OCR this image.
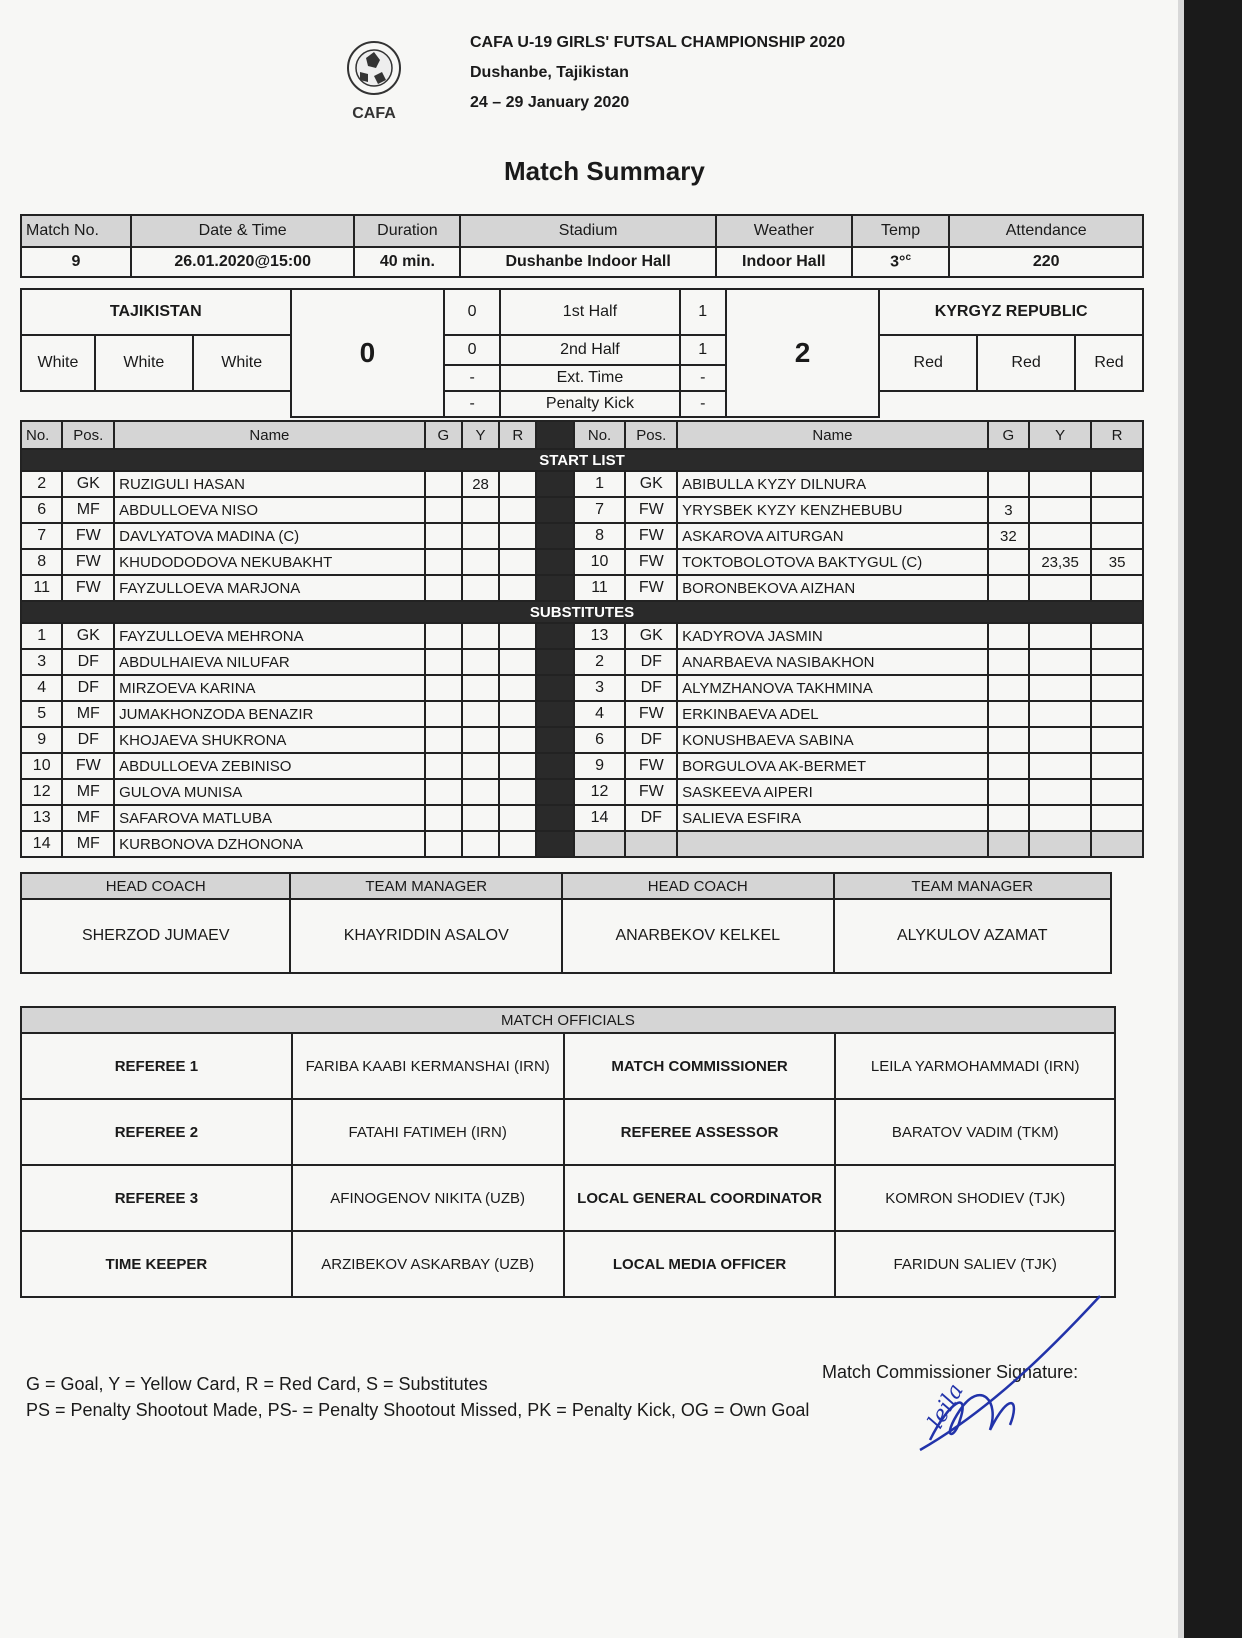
CAFA
CAFA U-19 GIRLS' FUTSAL CHAMPIONSHIP 2020
Dushanbe, Tajikistan
24 – 29 January 2020
Match Summary
Match No.	Date & Time	Duration	Stadium	Weather	Temp	Attendance
9	26.01.2020@15:00	40 min.	Dushanbe Indoor Hall	Indoor Hall	3°$^c$	220
TAJIKISTAN			0	0	1st Half	1	2	KYRGYZ REPUBLIC		
White	White	White		0	2nd Half	1		Red	Red	Red
				-	Ext. Time	-				
				-	Penalty Kick	-				
No.	Pos.	Name	G	Y	R		No.	Pos.	Name	G	Y	R
START LIST												
2	GK	RUZIGULI HASAN		28			1	GK	ABIBULLA KYZY DILNURA			
6	MF	ABDULLOEVA NISO					7	FW	YRYSBEK KYZY KENZHEBUBU	3		
7	FW	DAVLYATOVA MADINA (C)					8	FW	ASKAROVA AITURGAN	32		
8	FW	KHUDODODOVA NEKUBAKHT					10	FW	TOKTOBOLOTOVA BAKTYGUL (C)		23,35	35
11	FW	FAYZULLOEVA MARJONA					11	FW	BORONBEKOVA AIZHAN			
SUBSTITUTES												
1	GK	FAYZULLOEVA MEHRONA					13	GK	KADYROVA JASMIN			
3	DF	ABDULHAIEVA NILUFAR					2	DF	ANARBAEVA NASIBAKHON			
4	DF	MIRZOEVA KARINA					3	DF	ALYMZHANOVA TAKHMINA			
5	MF	JUMAKHONZODA BENAZIR					4	FW	ERKINBAEVA ADEL			
9	DF	KHOJAEVA SHUKRONA					6	DF	KONUSHBAEVA SABINA			
10	FW	ABDULLOEVA ZEBINISO					9	FW	BORGULOVA AK-BERMET			
12	MF	GULOVA MUNISA					12	FW	SASKEEVA AIPERI			
13	MF	SAFAROVA MATLUBA					14	DF	SALIEVA ESFIRA			
14	MF	KURBONOVA DZHONONA										
HEAD COACH	TEAM MANAGER	HEAD COACH	TEAM MANAGER
SHERZOD JUMAEV	KHAYRIDDIN ASALOV	ANARBEKOV KELKEL	ALYKULOV AZAMAT
MATCH OFFICIALS			
REFEREE 1	FARIBA KAABI KERMANSHAI (IRN)	MATCH COMMISSIONER	LEILA YARMOHAMMADI (IRN)
REFEREE 2	FATAHI FATIMEH (IRN)	REFEREE ASSESSOR	BARATOV VADIM (TKM)
REFEREE 3	AFINOGENOV NIKITA (UZB)	LOCAL GENERAL COORDINATOR	KOMRON SHODIEV (TJK)
TIME KEEPER	ARZIBEKOV ASKARBAY (UZB)	LOCAL MEDIA OFFICER	FARIDUN SALIEV (TJK)
G = Goal, Y = Yellow Card, R = Red Card, S = Substitutes
PS = Penalty Shootout Made, PS- = Penalty Shootout Missed, PK = Penalty Kick, OG = Own Goal
Match Commissioner Signature:
leila
